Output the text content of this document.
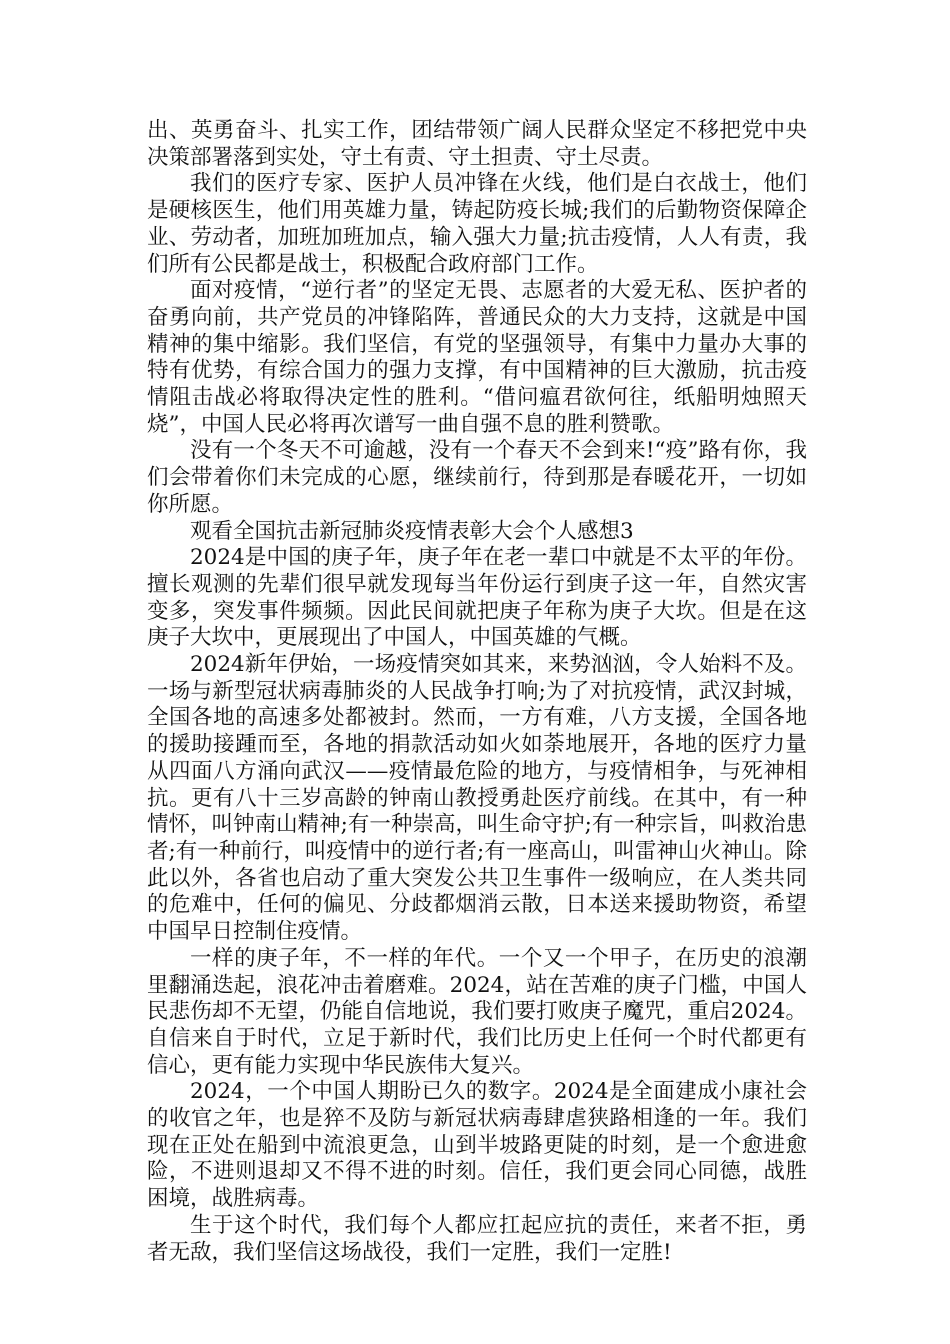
出、英勇奋斗、扎实工作，团结带领广阔人民群众坚定不移把党中央决策部署落到实处，守土有责、守土担责、守土尽责。

我们的医疗专家、医护人员冲锋在火线，他们是白衣战士，他们是硬核医生，他们用英雄力量，铸起防疫长城;我们的后勤物资保障企业、劳动者，加班加班加点，输入强大力量;抗击疫情，人人有责，我们所有公民都是战士，积极配合政府部门工作。

面对疫情，“逆行者”的坚定无畏、志愿者的大爱无私、医护者的奋勇向前，共产党员的冲锋陷阵，普通民众的大力支持，这就是中国精神的集中缩影。我们坚信，有党的坚强领导，有集中力量办大事的特有优势，有综合国力的强力支撑，有中国精神的巨大激励，抗击疫情阻击战必将取得决定性的胜利。“借问瘟君欲何往，纸船明烛照天烧”，中国人民必将再次谱写一曲自强不息的胜利赞歌。

没有一个冬天不可逾越，没有一个春天不会到来!“疫”路有你，我们会带着你们未完成的心愿，继续前行，待到那是春暖花开，一切如你所愿。

观看全国抗击新冠肺炎疫情表彰大会个人感想3

2024是中国的庚子年，庚子年在老一辈口中就是不太平的年份。擅长观测的先辈们很早就发现每当年份运行到庚子这一年，自然灾害变多，突发事件频频。因此民间就把庚子年称为庚子大坎。但是在这庚子大坎中，更展现出了中国人，中国英雄的气概。

2024新年伊始，一场疫情突如其来，来势汹汹，令人始料不及。一场与新型冠状病毒肺炎的人民战争打响;为了对抗疫情，武汉封城，全国各地的高速多处都被封。然而，一方有难，八方支援，全国各地的援助接踵而至，各地的捐款活动如火如荼地展开，各地的医疗力量从四面八方涌向武汉——疫情最危险的地方，与疫情相争，与死神相抗。更有八十三岁高龄的钟南山教授勇赴医疗前线。在其中，有一种情怀，叫钟南山精神;有一种崇高，叫生命守护;有一种宗旨，叫救治患者;有一种前行，叫疫情中的逆行者;有一座高山，叫雷神山火神山。除此以外，各省也启动了重大突发公共卫生事件一级响应，在人类共同的危难中，任何的偏见、分歧都烟消云散，日本送来援助物资，希望中国早日控制住疫情。

一样的庚子年，不一样的年代。一个又一个甲子，在历史的浪潮里翻涌迭起，浪花冲击着磨难。2024，站在苦难的庚子门槛，中国人民悲伤却不无望，仍能自信地说，我们要打败庚子魔咒，重启2024。自信来自于时代，立足于新时代，我们比历史上任何一个时代都更有信心，更有能力实现中华民族伟大复兴。

2024，一个中国人期盼已久的数字。2024是全面建成小康社会的收官之年，也是猝不及防与新冠状病毒肆虐狭路相逢的一年。我们现在正处在船到中流浪更急，山到半坡路更陡的时刻，是一个愈进愈险，不进则退却又不得不进的时刻。信任，我们更会同心同德，战胜困境，战胜病毒。

生于这个时代，我们每个人都应扛起应抗的责任，来者不拒，勇者无敌，我们坚信这场战役，我们一定胜，我们一定胜!
